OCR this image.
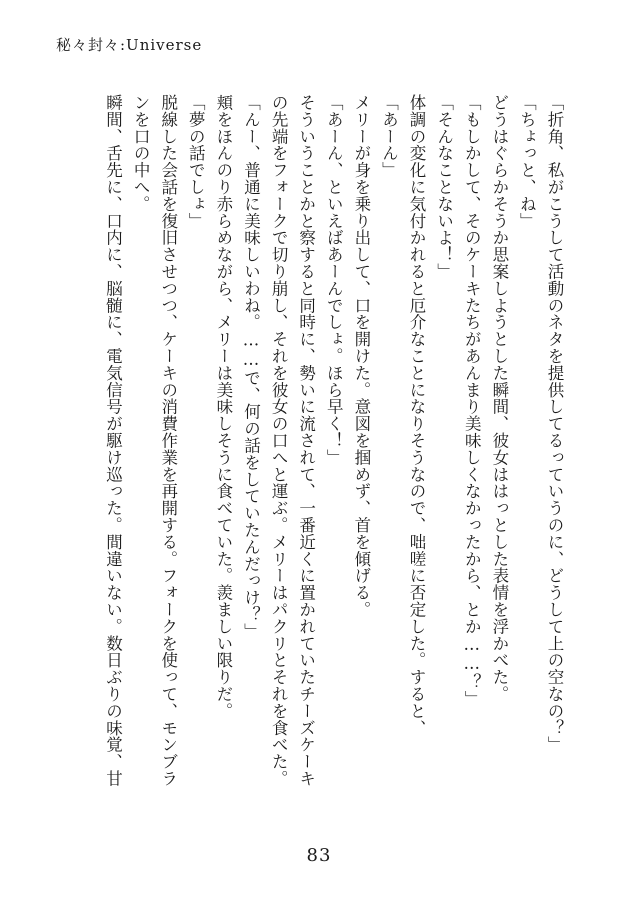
秘々封々:Universe
「折角、私がこうして活動のネタを提供してるっていうのに、どうして上の空なの？」
「ちょっと、ね」
どうはぐらかそうか思案しようとした瞬間、彼女ははっとした表情を浮かべた。
「もしかして、そのケーキたちがあんまり美味しくなかったから、とか……？」
「そんなことないよ！」
体調の変化に気付かれると厄介なことになりそうなので、咄嗟に否定した。すると、
「あーん」
メリーが身を乗り出して、口を開けた。意図を掴めず、首を傾げる。
「あーん、といえばあーんでしょ。ほら早く！」
そういうことかと察すると同時に、勢いに流されて、一番近くに置かれていたチーズケーキ
の先端をフォークで切り崩し、それを彼女の口へと運ぶ。メリーはパクリとそれを食べた。
「んー、普通に美味しいわね。……で、何の話をしていたんだっけ？」
頬をほんのり赤らめながら、メリーは美味しそうに食べていた。羨ましい限りだ。
「夢の話でしょ」
脱線した会話を復旧させつつ、ケーキの消費作業を再開する。フォークを使って、モンブラ
ンを口の中へ。
瞬間、舌先に、口内に、脳髄に、電気信号が駆け巡った。間違いない。数日ぶりの味覚、甘
83
